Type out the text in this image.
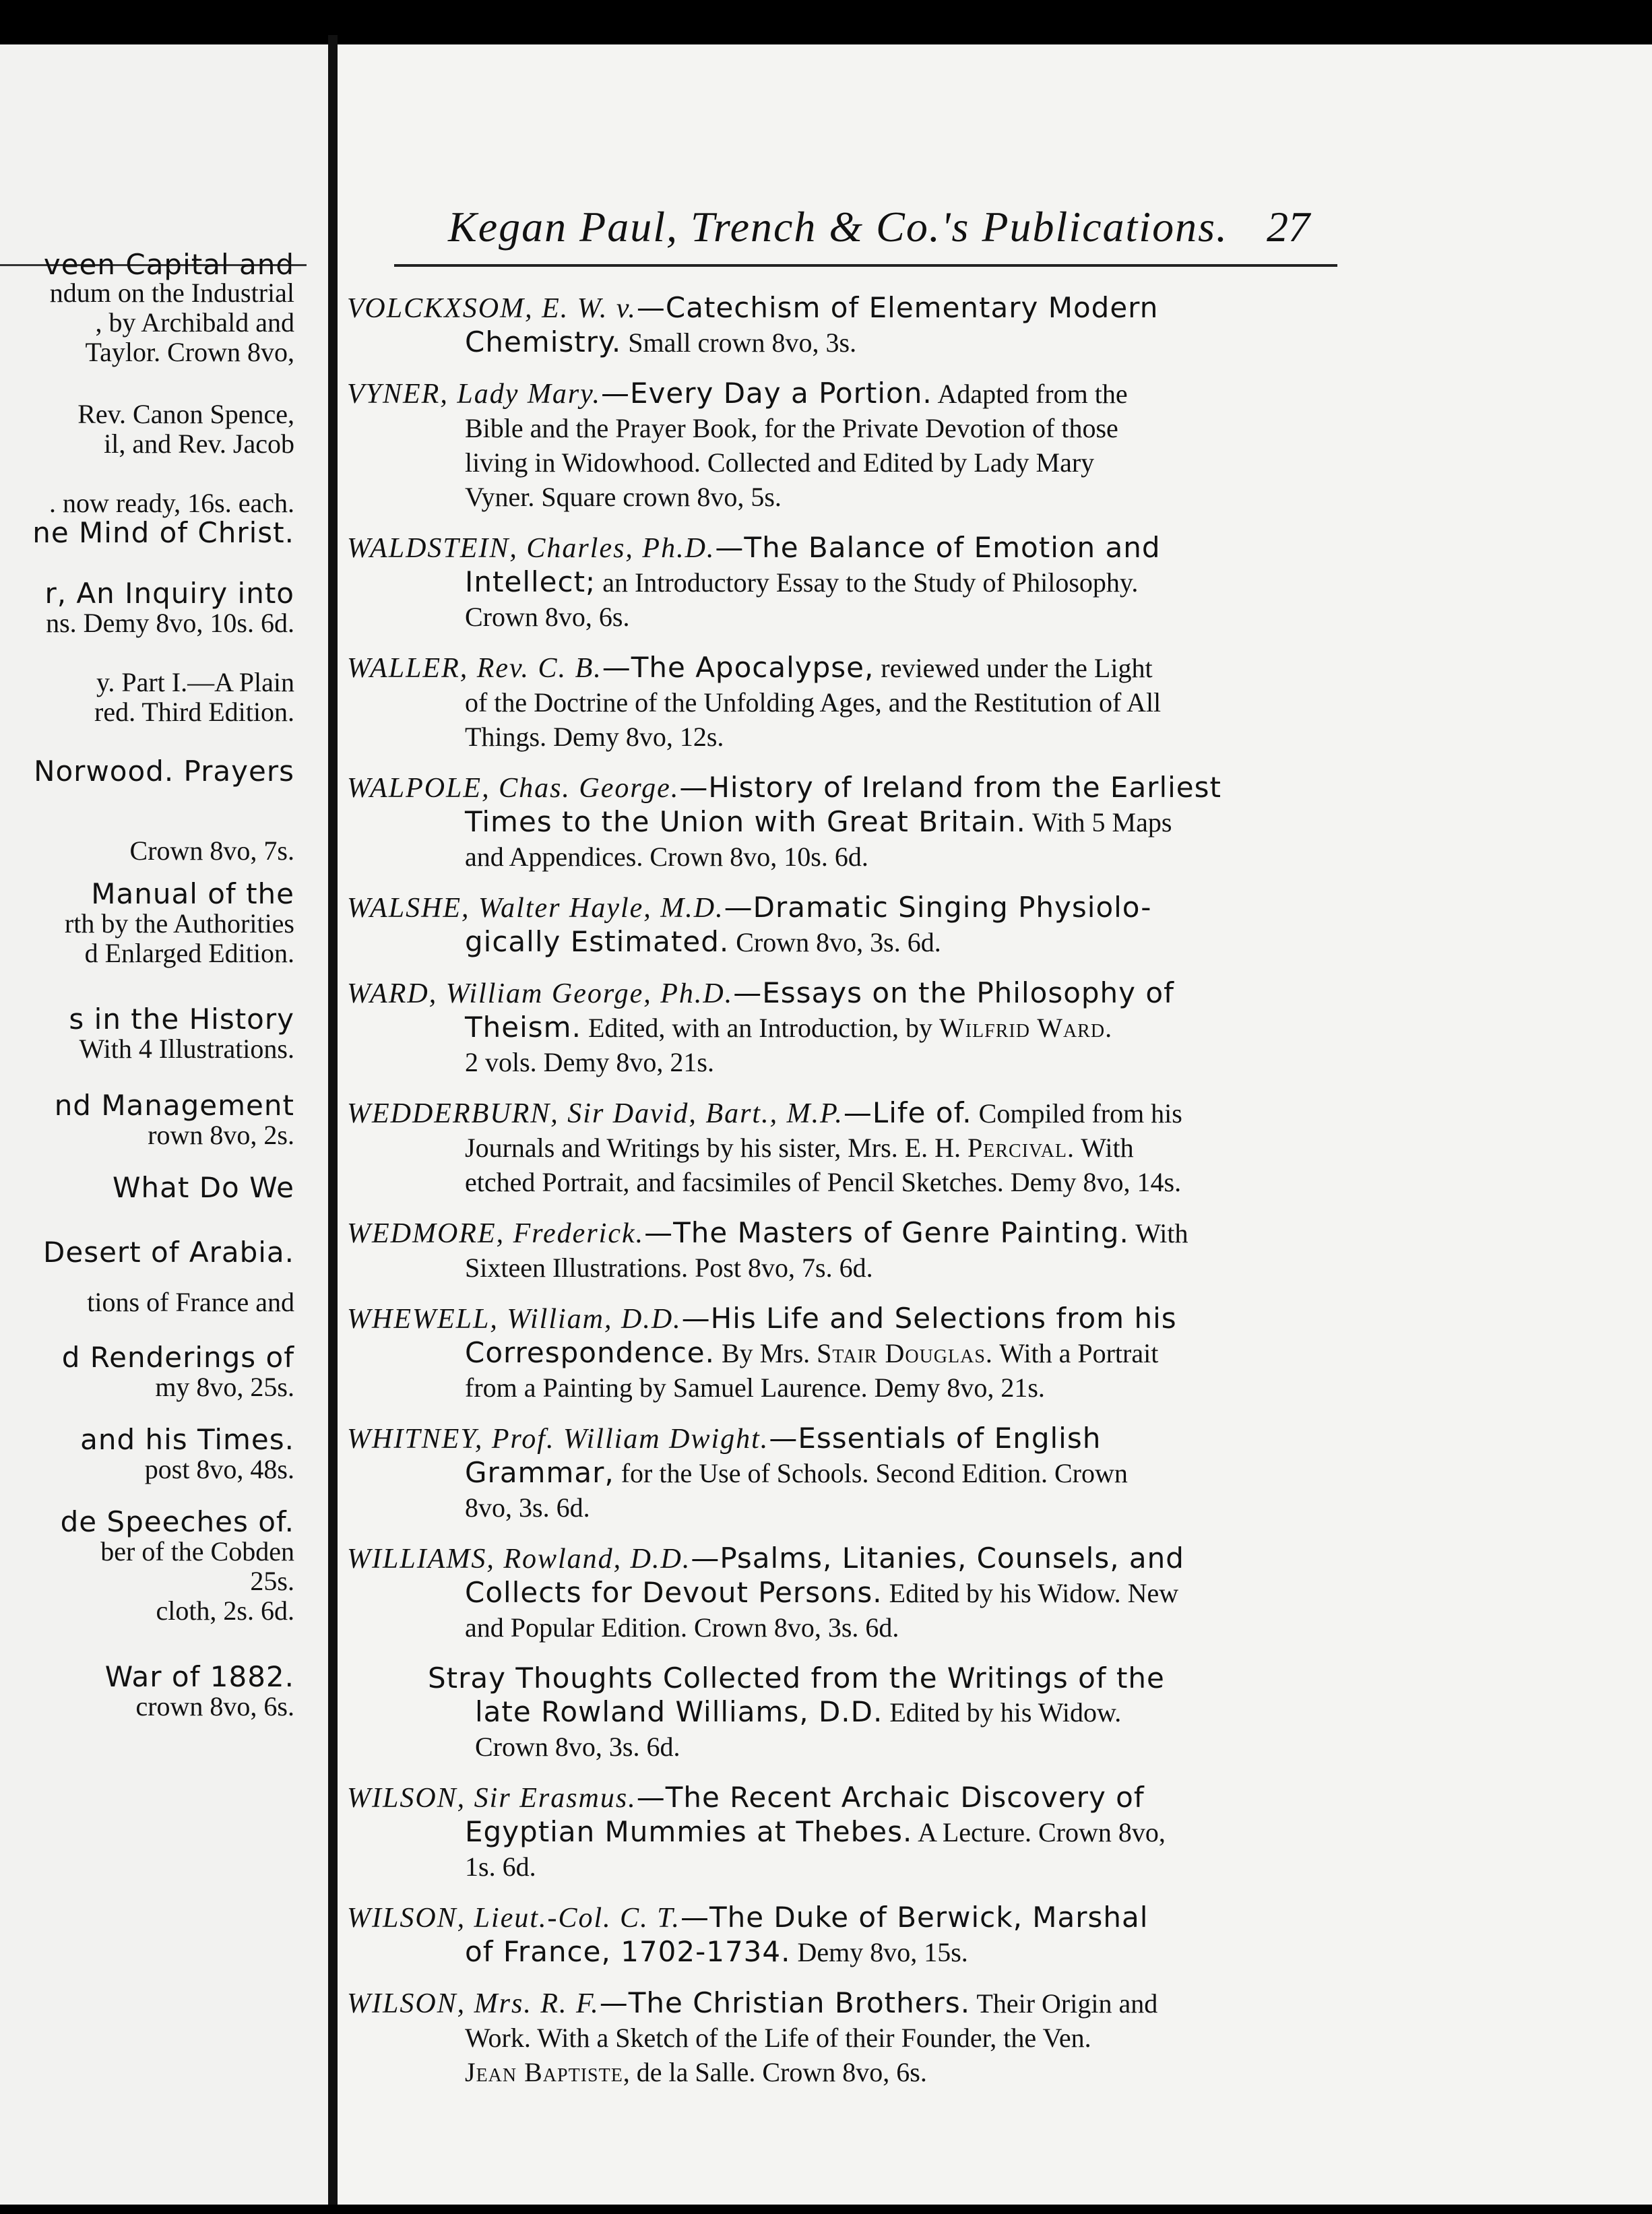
veen Capital and
ndum on the Industrial
, by Archibald and
Taylor. Crown 8vo,
Rev. Canon Spence,
il, and Rev. Jacob
. now ready, 16s. each.
ne Mind of Christ.
r, An Inquiry into
ns. Demy 8vo, 10s. 6d.
y. Part I.—A Plain
red. Third Edition.
Norwood. Prayers
Crown 8vo, 7s.
Manual of the
rth by the Authorities
d Enlarged Edition.
s in the History
With 4 Illustrations.
nd Management
rown 8vo, 2s.
What Do We
Desert of Arabia.
tions of France and
d Renderings of
my 8vo, 25s.
and his Times.
post 8vo, 48s.
de Speeches of.
ber of the Cobden
25s.
cloth, 2s. 6d.
War of 1882.
crown 8vo, 6s.
Kegan Paul, Trench & Co.'s Publications. 27
VOLCKXSOM, E. W. v.—Catechism of Elementary Modern
Chemistry. Small crown 8vo, 3s.
VYNER, Lady Mary.—Every Day a Portion. Adapted from the
Bible and the Prayer Book, for the Private Devotion of those
living in Widowhood. Collected and Edited by Lady Mary
Vyner. Square crown 8vo, 5s.
WALDSTEIN, Charles, Ph.D.—The Balance of Emotion and
Intellect; an Introductory Essay to the Study of Philosophy.
Crown 8vo, 6s.
WALLER, Rev. C. B.—The Apocalypse, reviewed under the Light
of the Doctrine of the Unfolding Ages, and the Restitution of All
Things. Demy 8vo, 12s.
WALPOLE, Chas. George.—History of Ireland from the Earliest
Times to the Union with Great Britain. With 5 Maps
and Appendices. Crown 8vo, 10s. 6d.
WALSHE, Walter Hayle, M.D.—Dramatic Singing Physiolo-
gically Estimated. Crown 8vo, 3s. 6d.
WARD, William George, Ph.D.—Essays on the Philosophy of
Theism. Edited, with an Introduction, by Wilfrid Ward.
2 vols. Demy 8vo, 21s.
WEDDERBURN, Sir David, Bart., M.P.—Life of. Compiled from his
Journals and Writings by his sister, Mrs. E. H. Percival. With
etched Portrait, and facsimiles of Pencil Sketches. Demy 8vo, 14s.
WEDMORE, Frederick.—The Masters of Genre Painting. With
Sixteen Illustrations. Post 8vo, 7s. 6d.
WHEWELL, William, D.D.—His Life and Selections from his
Correspondence. By Mrs. Stair Douglas. With a Portrait
from a Painting by Samuel Laurence. Demy 8vo, 21s.
WHITNEY, Prof. William Dwight.—Essentials of English
Grammar, for the Use of Schools. Second Edition. Crown
8vo, 3s. 6d.
WILLIAMS, Rowland, D.D.—Psalms, Litanies, Counsels, and
Collects for Devout Persons. Edited by his Widow. New
and Popular Edition. Crown 8vo, 3s. 6d.
Stray Thoughts Collected from the Writings of the
late Rowland Williams, D.D. Edited by his Widow.
Crown 8vo, 3s. 6d.
WILSON, Sir Erasmus.—The Recent Archaic Discovery of
Egyptian Mummies at Thebes. A Lecture. Crown 8vo,
1s. 6d.
WILSON, Lieut.-Col. C. T.—The Duke of Berwick, Marshal
of France, 1702-1734. Demy 8vo, 15s.
WILSON, Mrs. R. F.—The Christian Brothers. Their Origin and
Work. With a Sketch of the Life of their Founder, the Ven.
Jean Baptiste, de la Salle. Crown 8vo, 6s.
